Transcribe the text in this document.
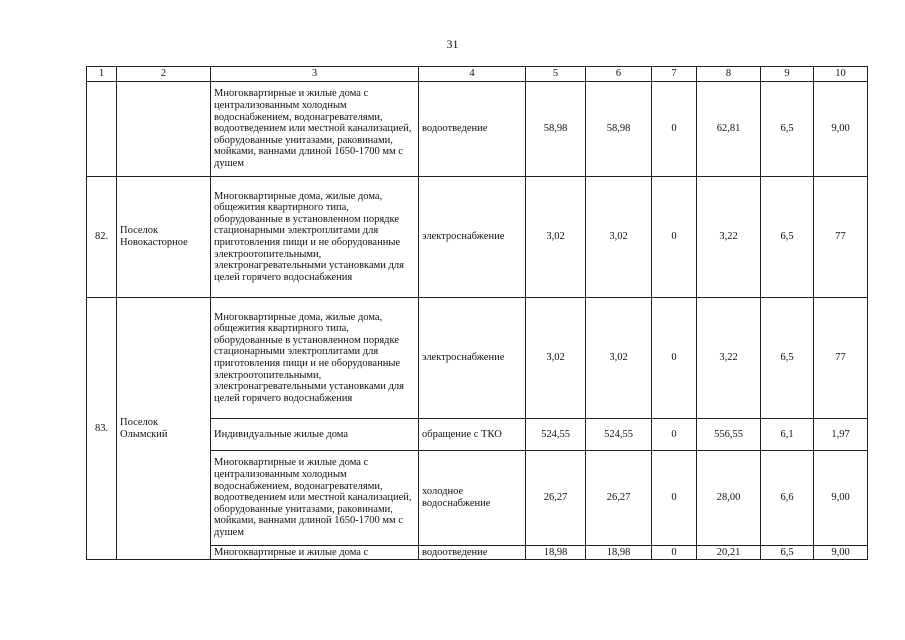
31
1	2	3	4	5	6	7	8	9	10
		Многоквартирные и жилые дома с централизованным холодным водоснабжением, водонагревателями, водоотведением или местной канализацией, оборудованные унитазами, раковинами, мойками, ваннами длиной 1650-1700 мм с душем	водоотведение	58,98	58,98	0	62,81	6,5	9,00
82.	Поселок Новокасторное	Многоквартирные дома, жилые дома, общежития квартирного типа, оборудованные в установленном порядке стационарными электроплитами для приготовления пищи и не оборудованные электроотопительными, электронагревательными установками для целей горячего водоснабжения	электроснабжение	3,02	3,02	0	3,22	6,5	77
83.	Поселок Олымский	Многоквартирные дома, жилые дома, общежития квартирного типа, оборудованные в установленном порядке стационарными электроплитами для приготовления пищи и не оборудованные электроотопительными, электронагревательными установками для целей горячего водоснабжения	электроснабжение	3,02	3,02	0	3,22	6,5	77
		Индивидуальные жилые дома	обращение с ТКО	524,55	524,55	0	556,55	6,1	1,97
		Многоквартирные и жилые дома с централизованным холодным водоснабжением, водонагревателями, водоотведением или местной канализацией, оборудованные унитазами, раковинами, мойками, ваннами длиной 1650-1700 мм с душем	холодное водоснабжение	26,27	26,27	0	28,00	6,6	9,00
		Многоквартирные и жилые дома с	водоотведение	18,98	18,98	0	20,21	6,5	9,00
